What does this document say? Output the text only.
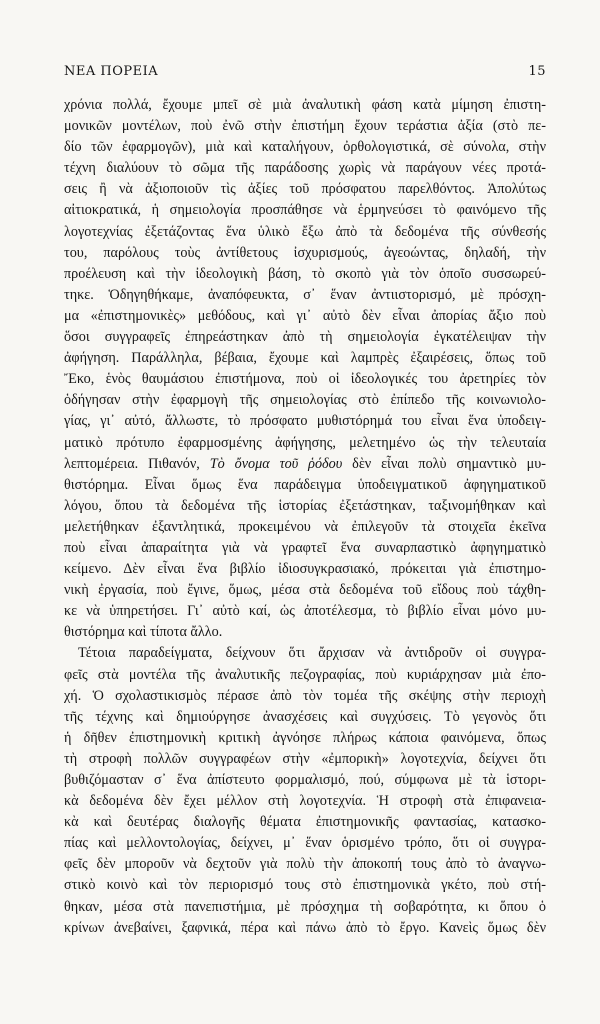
ΝΕΑ ΠΟΡΕΙΑ	15
χρόνια πολλά, ἔχουμε μπεῖ σὲ μιὰ ἀναλυτικὴ φάση κατὰ μίμηση ἐπιστη-
μονικῶν μοντέλων, ποὺ ἐνῶ στὴν ἐπιστήμη ἔχουν τεράστια ἀξία (στὸ πε-
δίο τῶν ἐφαρμογῶν), μιὰ καὶ καταλήγουν, ὀρθολογιστικά, σὲ σύνολα, στὴν
τέχνη διαλύουν τὸ σῶμα τῆς παράδοσης χωρὶς νὰ παράγουν νέες προτά-
σεις ἢ νὰ ἀξιοποιοῦν τὶς ἀξίες τοῦ πρόσφατου παρελθόντος. Ἀπολύτως
αἰτιοκρατικά, ἡ σημειολογία προσπάθησε νὰ ἑρμηνεύσει τὸ φαινόμενο τῆς
λογοτεχνίας ἐξετάζοντας ἕνα ὑλικὸ ἔξω ἀπὸ τὰ δεδομένα τῆς σύνθεσής
του, παρόλους τοὺς ἀντίθετους ἰσχυρισμούς, ἀγεοώντας, δηλαδή, τὴν
προέλευση καὶ τὴν ἰδεολογικὴ βάση, τὸ σκοπὸ γιὰ τὸν ὁποῖο συσσωρεύ-
τηκε. Ὁδηγηθήκαμε, ἀναπόφευκτα, σ᾽ ἕναν ἀντιιστορισμό, μὲ πρόσχη-
μα «ἐπιστημονικὲς» μεθόδους, καὶ γι᾽ αὐτὸ δὲν εἶναι ἀπορίας ἄξιο ποὺ
ὅσοι συγγραφεῖς ἐπηρεάστηκαν ἀπὸ τὴ σημειολογία ἐγκατέλειψαν τὴν
ἀφήγηση. Παράλληλα, βέβαια, ἔχουμε καὶ λαμπρὲς ἐξαιρέσεις, ὅπως τοῦ
Ἔκο, ἑνὸς θαυμάσιου ἐπιστήμονα, ποὺ οἱ ἰδεολογικές του ἀρετηρίες τὸν
ὁδήγησαν στὴν ἐφαρμογὴ τῆς σημειολογίας στὸ ἐπίπεδο τῆς κοινωνιολο-
γίας, γι᾽ αὐτό, ἄλλωστε, τὸ πρόσφατο μυθιστόρημά του εἶναι ἕνα ὑποδειγ-
ματικὸ πρότυπο ἐφαρμοσμένης ἀφήγησης, μελετημένο ὡς τὴν τελευταία
λεπτομέρεια. Πιθανόν, Τὸ ὄνομα τοῦ ῥόδου δὲν εἶναι πολὺ σημαντικὸ μυ-
θιστόρημα. Εἶναι ὅμως ἕνα παράδειγμα ὑποδειγματικοῦ ἀφηγηματικοῦ
λόγου, ὅπου τὰ δεδομένα τῆς ἱστορίας ἐξετάστηκαν, ταξινομήθηκαν καὶ
μελετήθηκαν ἐξαντλητικά, προκειμένου νὰ ἐπιλεγοῦν τὰ στοιχεῖα ἐκεῖνα
ποὺ εἶναι ἀπαραίτητα γιὰ νὰ γραφτεῖ ἕνα συναρπαστικὸ ἀφηγηματικὸ
κείμενο. Δὲν εἶναι ἕνα βιβλίο ἰδιοσυγκρασιακό, πρόκειται γιὰ ἐπιστημο-
νικὴ ἐργασία, ποὺ ἔγινε, ὅμως, μέσα στὰ δεδομένα τοῦ εἴδους ποὺ τάχθη-
κε νὰ ὑπηρετήσει. Γι᾽ αὐτὸ καί, ὡς ἀποτέλεσμα, τὸ βιβλίο εἶναι μόνο μυ-
θιστόρημα καὶ τίποτα ἄλλο.
Τέτοια παραδείγματα, δείχνουν ὅτι ἄρχισαν νὰ ἀντιδροῦν οἱ συγγρα-
φεῖς στὰ μοντέλα τῆς ἀναλυτικῆς πεζογραφίας, ποὺ κυριάρχησαν μιὰ ἐπο-
χή. Ὁ σχολαστικισμὸς πέρασε ἀπὸ τὸν τομέα τῆς σκέψης στὴν περιοχὴ
τῆς τέχνης καὶ δημιούργησε ἀνασχέσεις καὶ συγχύσεις. Τὸ γεγονὸς ὅτι
ἡ δῆθεν ἐπιστημονικὴ κριτικὴ ἀγνόησε πλήρως κάποια φαινόμενα, ὅπως
τὴ στροφὴ πολλῶν συγγραφέων στὴν «ἐμπορικὴ» λογοτεχνία, δείχνει ὅτι
βυθιζόμασταν σ᾽ ἕνα ἀπίστευτο φορμαλισμό, πού, σύμφωνα μὲ τὰ ἱστορι-
κὰ δεδομένα δὲν ἔχει μέλλον στὴ λογοτεχνία. Ἡ στροφὴ στὰ ἐπιφανεια-
κὰ καὶ δευτέρας διαλογῆς θέματα ἐπιστημονικῆς φαντασίας, κατασκο-
πίας καὶ μελλοντολογίας, δείχνει, μ᾽ ἕναν ὁρισμένο τρόπο, ὅτι οἱ συγγρα-
φεῖς δὲν μποροῦν νὰ δεχτοῦν γιὰ πολὺ τὴν ἀποκοπή τους ἀπὸ τὸ ἀναγνω-
στικὸ κοινὸ καὶ τὸν περιορισμό τους στὸ ἐπιστημονικὰ γκέτο, ποὺ στή-
θηκαν, μέσα στὰ πανεπιστήμια, μὲ πρόσχημα τὴ σοβαρότητα, κι ὅπου ὁ
κρίνων ἀνεβαίνει, ξαφνικά, πέρα καὶ πάνω ἀπὸ τὸ ἔργο. Κανεὶς ὅμως δὲν
